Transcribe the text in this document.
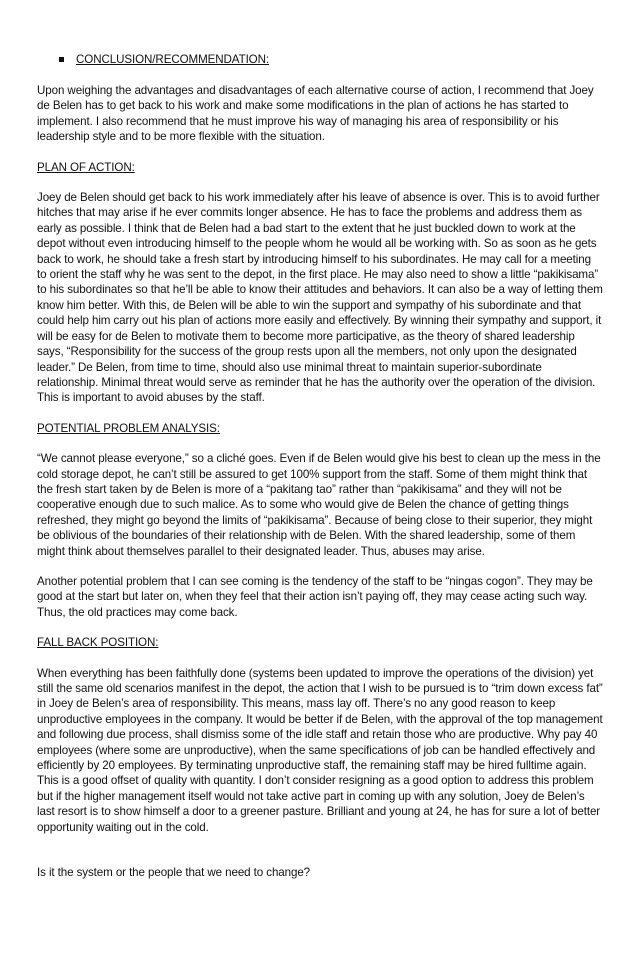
CONCLUSION/RECOMMENDATION:

Upon weighing the advantages and disadvantages of each alternative course of action, I recommend that Joey de Belen has to get back to his work and make some modifications in the plan of actions he has started to implement. I also recommend that he must improve his way of managing his area of responsibility or his leadership style and to be more flexible with the situation.

PLAN OF ACTION:

Joey de Belen should get back to his work immediately after his leave of absence is over. This is to avoid further hitches that may arise if he ever commits longer absence. He has to face the problems and address them as early as possible. I think that de Belen had a bad start to the extent that he just buckled down to work at the depot without even introducing himself to the people whom he would all be working with. So as soon as he gets back to work, he should take a fresh start by introducing himself to his subordinates. He may call for a meeting to orient the staff why he was sent to the depot, in the first place. He may also need to show a little “pakikisama” to his subordinates so that he’ll be able to know their attitudes and behaviors. It can also be a way of letting them know him better. With this, de Belen will be able to win the support and sympathy of his subordinate and that could help him carry out his plan of actions more easily and effectively. By winning their sympathy and support, it will be easy for de Belen to motivate them to become more participative, as the theory of shared leadership says, “Responsibility for the success of the group rests upon all the members, not only upon the designated leader.” De Belen, from time to time, should also use minimal threat to maintain superior-subordinate relationship. Minimal threat would serve as reminder that he has the authority over the operation of the division. This is important to avoid abuses by the staff.

POTENTIAL PROBLEM ANALYSIS:

“We cannot please everyone,” so a cliché goes. Even if de Belen would give his best to clean up the mess in the cold storage depot, he can’t still be assured to get 100% support from the staff. Some of them might think that the fresh start taken by de Belen is more of a “pakitang tao” rather than “pakikisama” and they will not be cooperative enough due to such malice. As to some who would give de Belen the chance of getting things refreshed, they might go beyond the limits of “pakikisama”. Because of being close to their superior, they might be oblivious of the boundaries of their relationship with de Belen. With the shared leadership, some of them might think about themselves parallel to their designated leader. Thus, abuses may arise.

Another potential problem that I can see coming is the tendency of the staff to be “ningas cogon”. They may be good at the start but later on, when they feel that their action isn’t paying off, they may cease acting such way. Thus, the old practices may come back.

FALL BACK POSITION:

When everything has been faithfully done (systems been updated to improve the operations of the division) yet still the same old scenarios manifest in the depot, the action that I wish to be pursued is to “trim down excess fat” in Joey de Belen’s area of responsibility. This means, mass lay off. There’s no any good reason to keep unproductive employees in the company. It would be better if de Belen, with the approval of the top management and following due process, shall dismiss some of the idle staff and retain those who are productive. Why pay 40 employees (where some are unproductive), when the same specifications of job can be handled effectively and efficiently by 20 employees. By terminating unproductive staff, the remaining staff may be hired fulltime again. This is a good offset of quality with quantity. I don’t consider resigning as a good option to address this problem but if the higher management itself would not take active part in coming up with any solution, Joey de Belen’s last resort is to show himself a door to a greener pasture. Brilliant and young at 24, he has for sure a lot of better opportunity waiting out in the cold.

Is it the system or the people that we need to change?
